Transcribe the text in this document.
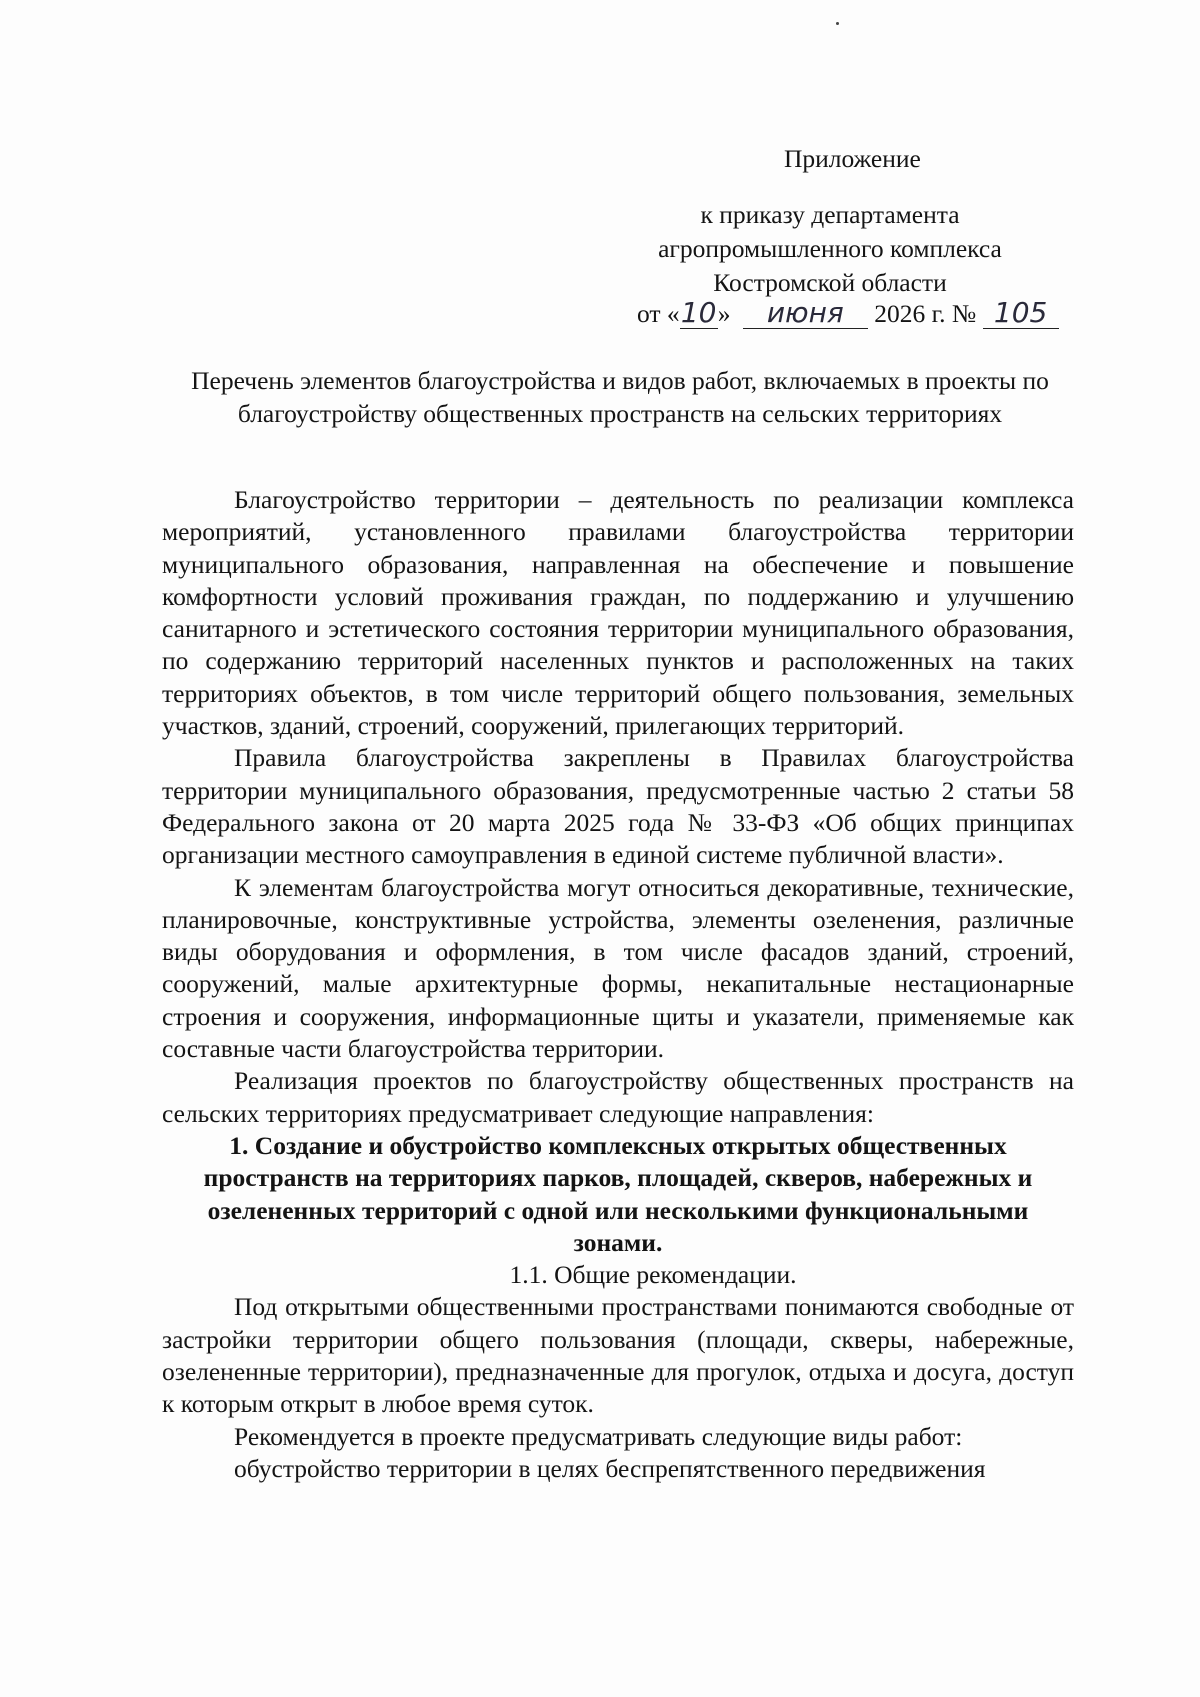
Приложение
к приказу департамента
агропромышленного комплекса
Костромской области
от «10» июня 2026 г. № 105
Перечень элементов благоустройства и видов работ, включаемых в проекты по благоустройству общественных пространств на сельских территориях

Благоустройство территории – деятельность по реализации комплекса мероприятий, установленного правилами благоустройства территории муниципального образования, направленная на обеспечение и повышение комфортности условий проживания граждан, по поддержанию и улучшению санитарного и эстетического состояния территории муниципального образования, по содержанию территорий населенных пунктов и расположенных на таких территориях объектов, в том числе территорий общего пользования, земельных участков, зданий, строений, сооружений, прилегающих территорий.

Правила благоустройства закреплены в Правилах благоустройства территории муниципального образования, предусмотренные частью 2 статьи 58 Федерального закона от 20 марта 2025 года № 33-ФЗ «Об общих принципах организации местного самоуправления в единой системе публичной власти».

К элементам благоустройства могут относиться декоративные, технические, планировочные, конструктивные устройства, элементы озеленения, различные виды оборудования и оформления, в том числе фасадов зданий, строений, сооружений, малые архитектурные формы, некапитальные нестационарные строения и сооружения, информационные щиты и указатели, применяемые как составные части благоустройства территории.

Реализация проектов по благоустройству общественных пространств на сельских территориях предусматривает следующие направления:

1. Создание и обустройство комплексных открытых общественных пространств на территориях парков, площадей, скверов, набережных и озелененных территорий с одной или несколькими функциональными зонами.

1.1. Общие рекомендации.

Под открытыми общественными пространствами понимаются свободные от застройки территории общего пользования (площади, скверы, набережные, озелененные территории), предназначенные для прогулок, отдыха и досуга, доступ к которым открыт в любое время суток.

Рекомендуется в проекте предусматривать следующие виды работ:

обустройство территории в целях беспрепятственного передвижения
